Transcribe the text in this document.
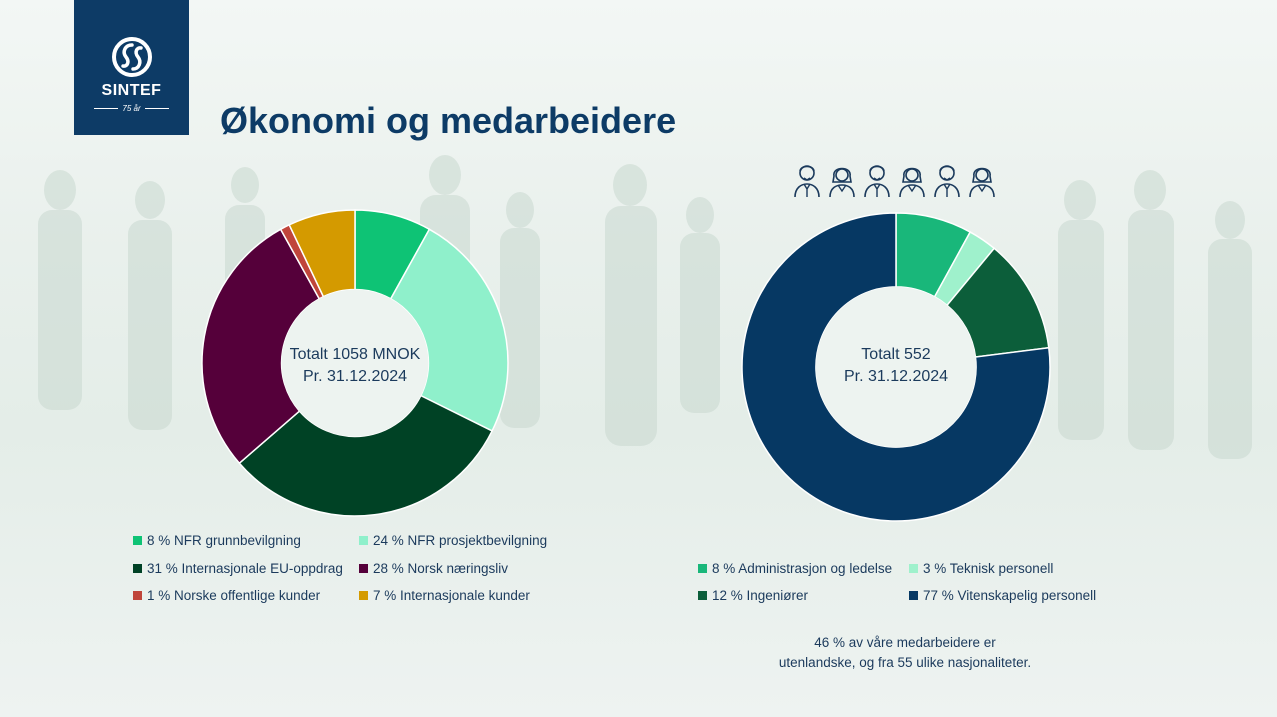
SINTEF
75 år Økonomi og medarbeidere
Totalt 1058 MNOK
Pr. 31.12.2024
Totalt 552
Pr. 31.12.2024
8 % NFR grunnbevilgning	24 % NFR prosjektbevilgning
31 % Internasjonale EU-oppdrag 28 % Norsk næringsliv
1 % Norske offentlige kunder	7 % Internasjonale kunder
8 % Administrasjon og ledelse 3 % Teknisk personell
12 % Ingeniører	77 % Vitenskapelig personell
46 % av våre medarbeidere er
utenlandske, og fra 55 ulike nasjonaliteter.
